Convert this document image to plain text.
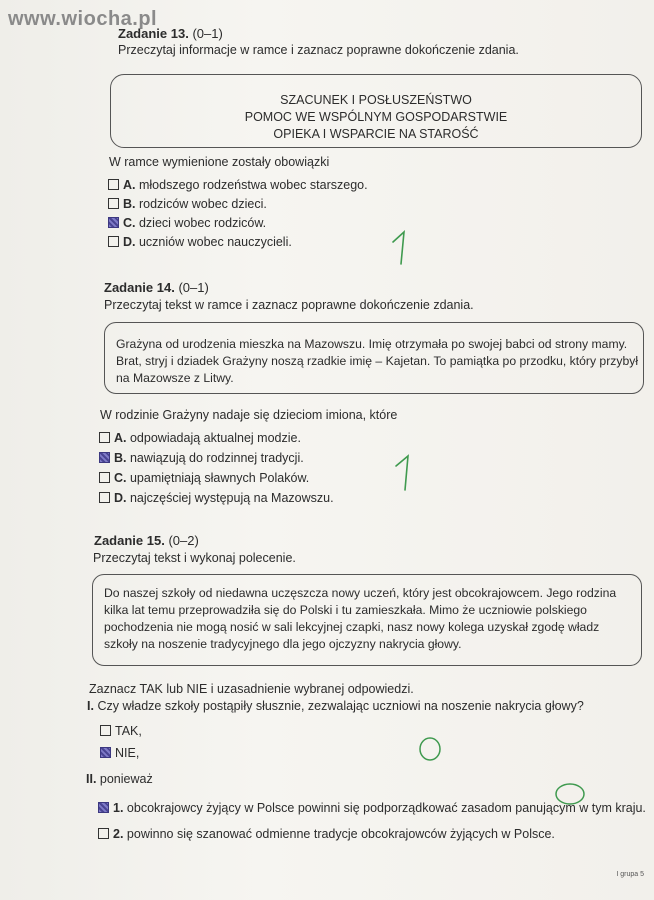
www.wiocha.pl
Zadanie 13. (0–1)
Przeczytaj informacje w ramce i zaznacz poprawne dokończenie zdania.
SZACUNEK I POSŁUSZEŃSTWO
POMOC WE WSPÓLNYM GOSPODARSTWIE
OPIEKA I WSPARCIE NA STAROŚĆ
W ramce wymienione zostały obowiązki
A. młodszego rodzeństwa wobec starszego.
B. rodziców wobec dzieci.
C. dzieci wobec rodziców.
D. uczniów wobec nauczycieli.
Zadanie 14. (0–1)
Przeczytaj tekst w ramce i zaznacz poprawne dokończenie zdania.
Grażyna od urodzenia mieszka na Mazowszu. Imię otrzymała po swojej babci od strony mamy.
Brat, stryj i dziadek Grażyny noszą rzadkie imię – Kajetan. To pamiątka po przodku, który przybył
na Mazowsze z Litwy.
W rodzinie Grażyny nadaje się dzieciom imiona, które
A. odpowiadają aktualnej modzie.
B. nawiązują do rodzinnej tradycji.
C. upamiętniają sławnych Polaków.
D. najczęściej występują na Mazowszu.
Zadanie 15. (0–2)
Przeczytaj tekst i wykonaj polecenie.
Do naszej szkoły od niedawna uczęszcza nowy uczeń, który jest obcokrajowcem. Jego rodzina
kilka lat temu przeprowadziła się do Polski i tu zamieszkała. Mimo że uczniowie polskiego
pochodzenia nie mogą nosić w sali lekcyjnej czapki, nasz nowy kolega uzyskał zgodę władz
szkoły na noszenie tradycyjnego dla jego ojczyzny nakrycia głowy.
Zaznacz TAK lub NIE i uzasadnienie wybranej odpowiedzi.
I. Czy władze szkoły postąpiły słusznie, zezwalając uczniowi na noszenie nakrycia głowy?
TAK,
NIE,
II. ponieważ
1. obcokrajowcy żyjący w Polsce powinni się podporządkować zasadom panującym w tym kraju.
2. powinno się szanować odmienne tradycje obcokrajowców żyjących w Polsce.
I grupa 5
